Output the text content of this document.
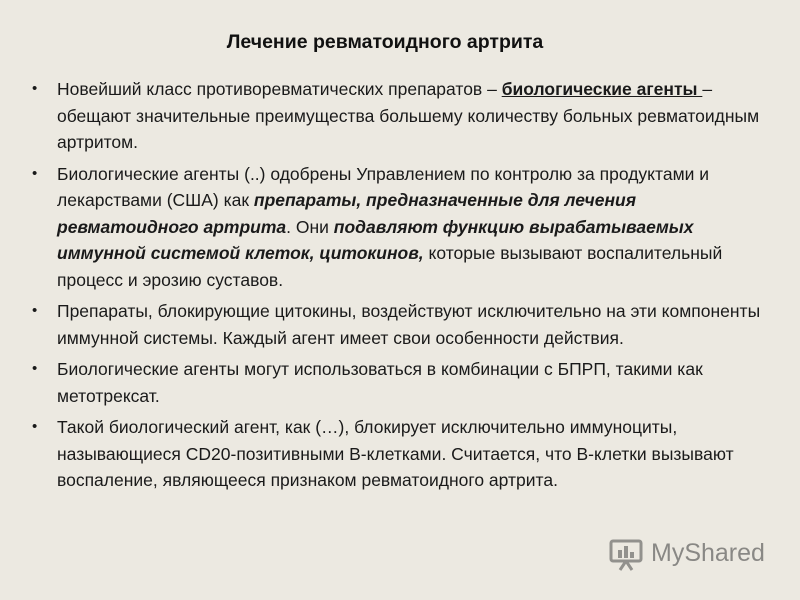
Лечение ревматоидного артрита
• Новейший класс противоревматических препаратов – биологические агенты – обещают значительные преимущества большему количеству больных ревматоидным артритом.
• Биологические агенты (..) одобрены Управлением по контролю за продуктами и лекарствами (США) как препараты, предназначенные для лечения ревматоидного артрита. Они подавляют функцию вырабатываемых иммунной системой клеток, цитокинов, которые вызывают воспалительный процесс и эрозию суставов.
• Препараты, блокирующие цитокины, воздействуют исключительно на эти компоненты иммунной системы. Каждый агент имеет свои особенности действия.
• Биологические агенты могут использоваться в комбинации с БПРП, такими как метотрексат.
• Такой биологический агент, как (…), блокирует исключительно иммуноциты, называющиеся CD20-позитивными В-клетками. Считается, что В-клетки вызывают воспаление, являющееся признаком ревматоидного артрита.
MyShared
